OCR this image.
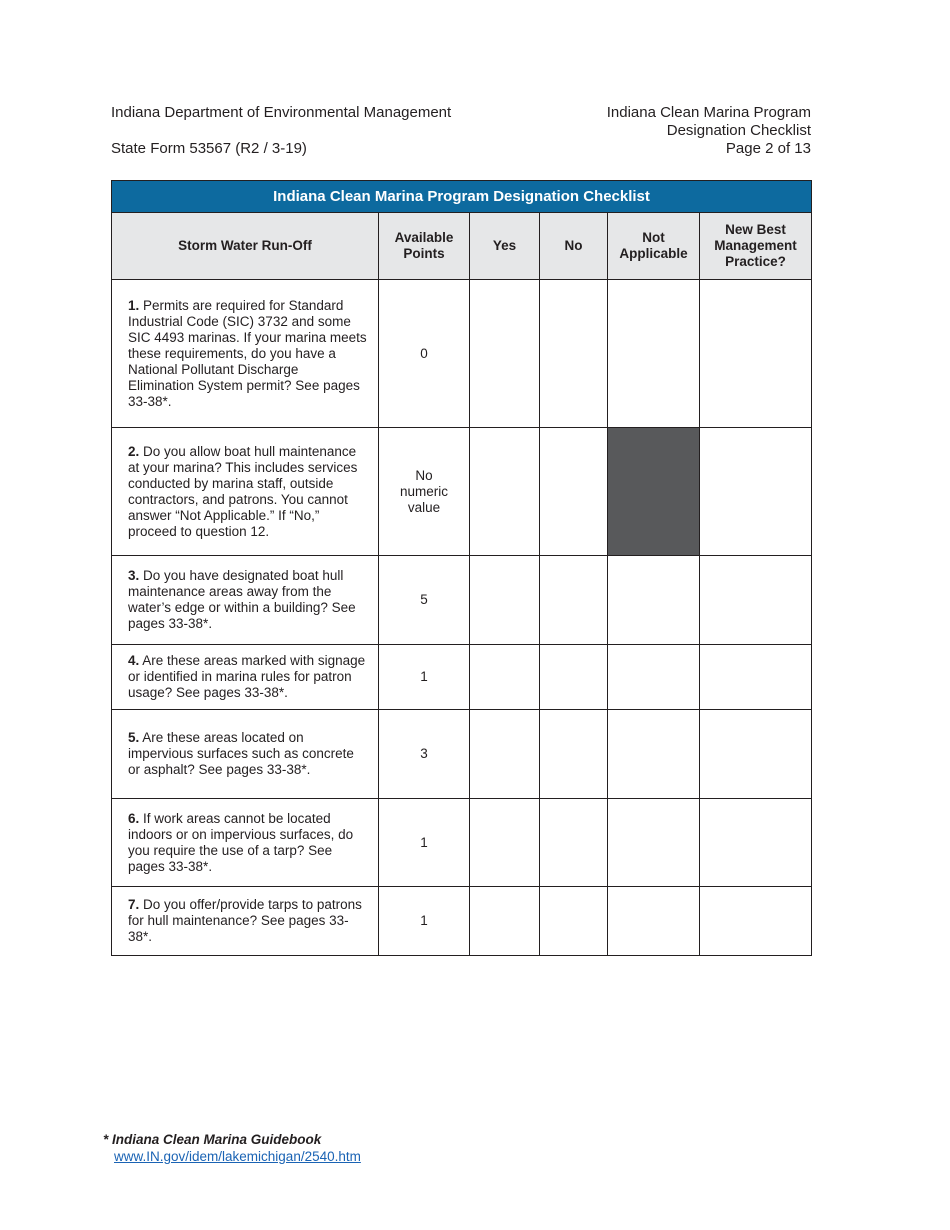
Indiana Department of Environmental Management
State Form 53567 (R2 / 3-19)
Indiana Clean Marina Program
Designation Checklist
Page 2 of 13
Indiana Clean Marina Program Designation Checklist					
Storm Water Run-Off	Available Points	Yes	No	Not Applicable	New Best Management Practice?

1. Permits are required for Standard Industrial Code (SIC) 3732 and some SIC 4493 marinas. If your marina meets these requirements, do you have a National Pollutant Discharge Elimination System permit? See pages 33-38*.	0				
2. Do you allow boat hull maintenance at your marina? This includes services conducted by marina staff, outside contractors, and patrons. You cannot answer “Not Applicable.” If “No,” proceed to question 12.	No numeric value				

3. Do you have designated boat hull maintenance areas away from the water’s edge or within a building? See pages 33-38*.	5				
4. Are these areas marked with signage or identified in marina rules for patron usage? See pages 33-38*.	1				
5. Are these areas located on impervious surfaces such as concrete or asphalt? See pages 33-38*.	3				
6. If work areas cannot be located indoors or on impervious surfaces, do you require the use of a tarp? See pages 33-38*.	1				
7. Do you offer/provide tarps to patrons for hull maintenance? See pages 33-38*.	1				
* Indiana Clean Marina Guidebook
www.IN.gov/idem/lakemichigan/2540.htm
